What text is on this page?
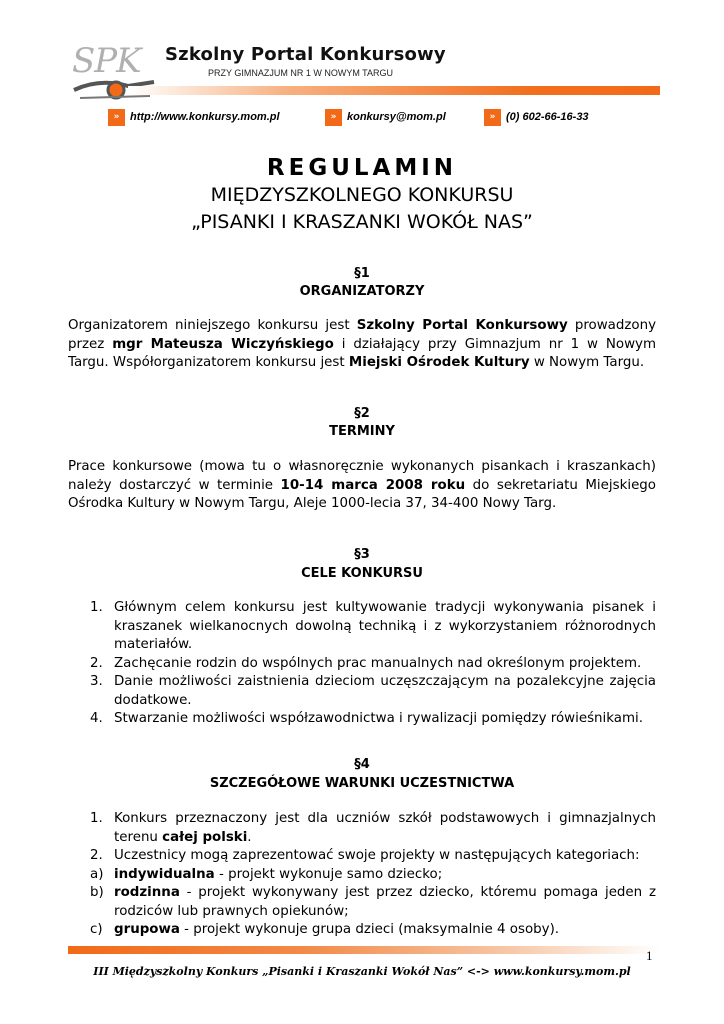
SPK Szkolny Portal Konkursowy
PRZY GIMNAZJUM NR 1 W NOWYM TARGU
» http://www.konkursy.mom.pl	» konkursy@mom.pl	» (0) 602-66-16-33
REGULAMIN
MIĘDZYSZKOLNEGO KONKURSU
„PISANKI I KRASZANKI WOKÓŁ NAS”
§1
ORGANIZATORZY
Organizatorem niniejszego konkursu jest Szkolny Portal Konkursowy prowadzony przez mgr Mateusza Wiczyńskiego i działający przy Gimnazjum nr 1 w Nowym Targu. Współorganizatorem konkursu jest Miejski Ośrodek Kultury w Nowym Targu.
§2
TERMINY
Prace konkursowe (mowa tu o własnoręcznie wykonanych pisankach i kraszankach) należy dostarczyć w terminie 10-14 marca 2008 roku do sekretariatu Miejskiego Ośrodka Kultury w Nowym Targu, Aleje 1000-lecia 37, 34-400 Nowy Targ.
§3
CELE KONKURSU
1. Głównym celem konkursu jest kultywowanie tradycji wykonywania pisanek i kraszanek wielkanocnych dowolną techniką i z wykorzystaniem różnorodnych materiałów.
2. Zachęcanie rodzin do wspólnych prac manualnych nad określonym projektem.
3. Danie możliwości zaistnienia dzieciom uczęszczającym na pozalekcyjne zajęcia dodatkowe.
4. Stwarzanie możliwości współzawodnictwa i rywalizacji pomiędzy rówieśnikami.
§4
SZCZEGÓŁOWE WARUNKI UCZESTNICTWA
1. Konkurs przeznaczony jest dla uczniów szkół podstawowych i gimnazjalnych terenu całej polski.
2. Uczestnicy mogą zaprezentować swoje projekty w następujących kategoriach:
a) indywidualna - projekt wykonuje samo dziecko;
b) rodzinna - projekt wykonywany jest przez dziecko, któremu pomaga jeden z rodziców lub prawnych opiekunów;
c) grupowa - projekt wykonuje grupa dzieci (maksymalnie 4 osoby).
1
III Międzyszkolny Konkurs „Pisanki i Kraszanki Wokół Nas” <-> www.konkursy.mom.pl
